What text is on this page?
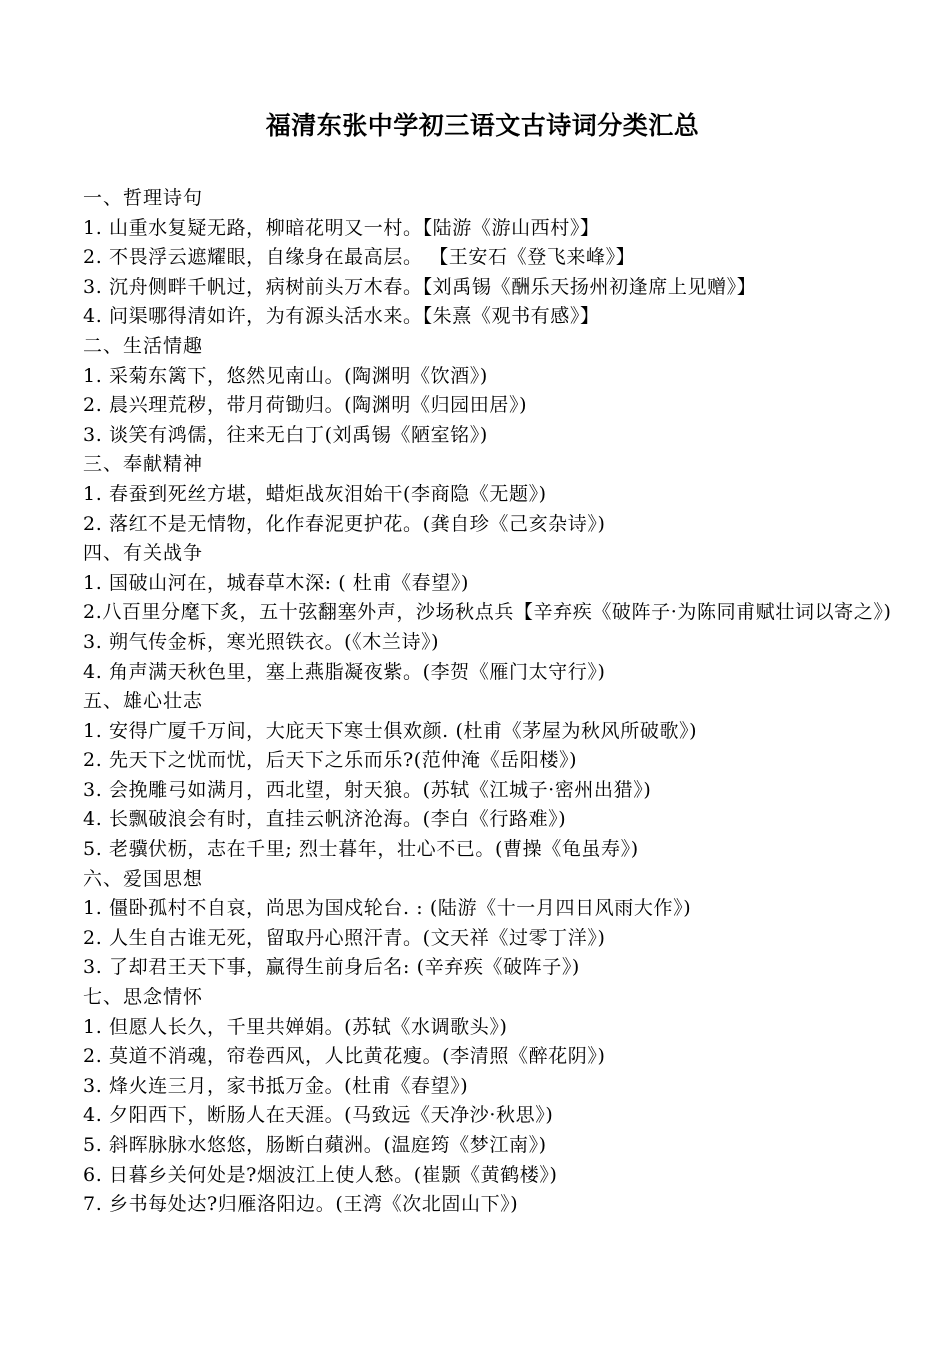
福清东张中学初三语文古诗词分类汇总
一、哲理诗句
1. 山重水复疑无路，柳暗花明又一村。【陆游《游山西村》】
2. 不畏浮云遮耀眼，自缘身在最高层。 【王安石《登飞来峰》】
3. 沉舟侧畔千帆过，病树前头万木春。【刘禹锡《酬乐天扬州初逢席上见赠》】
4. 问渠哪得清如许，为有源头活水来。【朱熹《观书有感》】
二、生活情趣
1. 采菊东篱下，悠然见南山。(陶渊明《饮酒》)
2. 晨兴理荒秽，带月荷锄归。(陶渊明《归园田居》)
3. 谈笑有鸿儒，往来无白丁(刘禹锡《陋室铭》)
三、奉献精神
1. 春蚕到死丝方堪，蜡炬战灰泪始干(李商隐《无题》)
2. 落红不是无情物，化作春泥更护花。(龚自珍《己亥杂诗》)
四、有关战争
1. 国破山河在，城春草木深: ( 杜甫《春望》)
2.八百里分麾下炙，五十弦翻塞外声，沙场秋点兵【辛弃疾《破阵子·为陈同甫赋壮词以寄之》)
3. 朔气传金柝，寒光照铁衣。(《木兰诗》)
4. 角声满天秋色里，塞上燕脂凝夜紫。(李贺《雁门太守行》)
五、雄心壮志
1. 安得广厦千万间，大庇天下寒士俱欢颜. (杜甫《茅屋为秋风所破歌》)
2. 先天下之忧而忧，后天下之乐而乐?(范仲淹《岳阳楼》)
3. 会挽雕弓如满月，西北望，射天狼。(苏轼《江城子·密州出猎》)
4. 长飘破浪会有时，直挂云帆济沧海。(李白《行路难》)
5. 老骥伏枥，志在千里; 烈士暮年，壮心不已。(曹操《龟虽寿》)
六、爱国思想
1. 僵卧孤村不自哀，尚思为国戍轮台. : (陆游《十一月四日风雨大作》)
2. 人生自古谁无死，留取丹心照汗青。(文天祥《过零丁洋》)
3. 了却君王天下事，赢得生前身后名: (辛弃疾《破阵子》)
七、思念情怀
1. 但愿人长久，千里共婵娟。(苏轼《水调歌头》)
2. 莫道不消魂，帘卷西风，人比黄花瘦。(李清照《醉花阴》)
3. 烽火连三月，家书抵万金。(杜甫《春望》)
4. 夕阳西下，断肠人在天涯。(马致远《天净沙·秋思》)
5. 斜晖脉脉水悠悠，肠断白蘋洲。(温庭筠《梦江南》)
6. 日暮乡关何处是?烟波江上使人愁。(崔颢《黄鹤楼》)
7. 乡书每处达?归雁洛阳边。(王湾《次北固山下》)
